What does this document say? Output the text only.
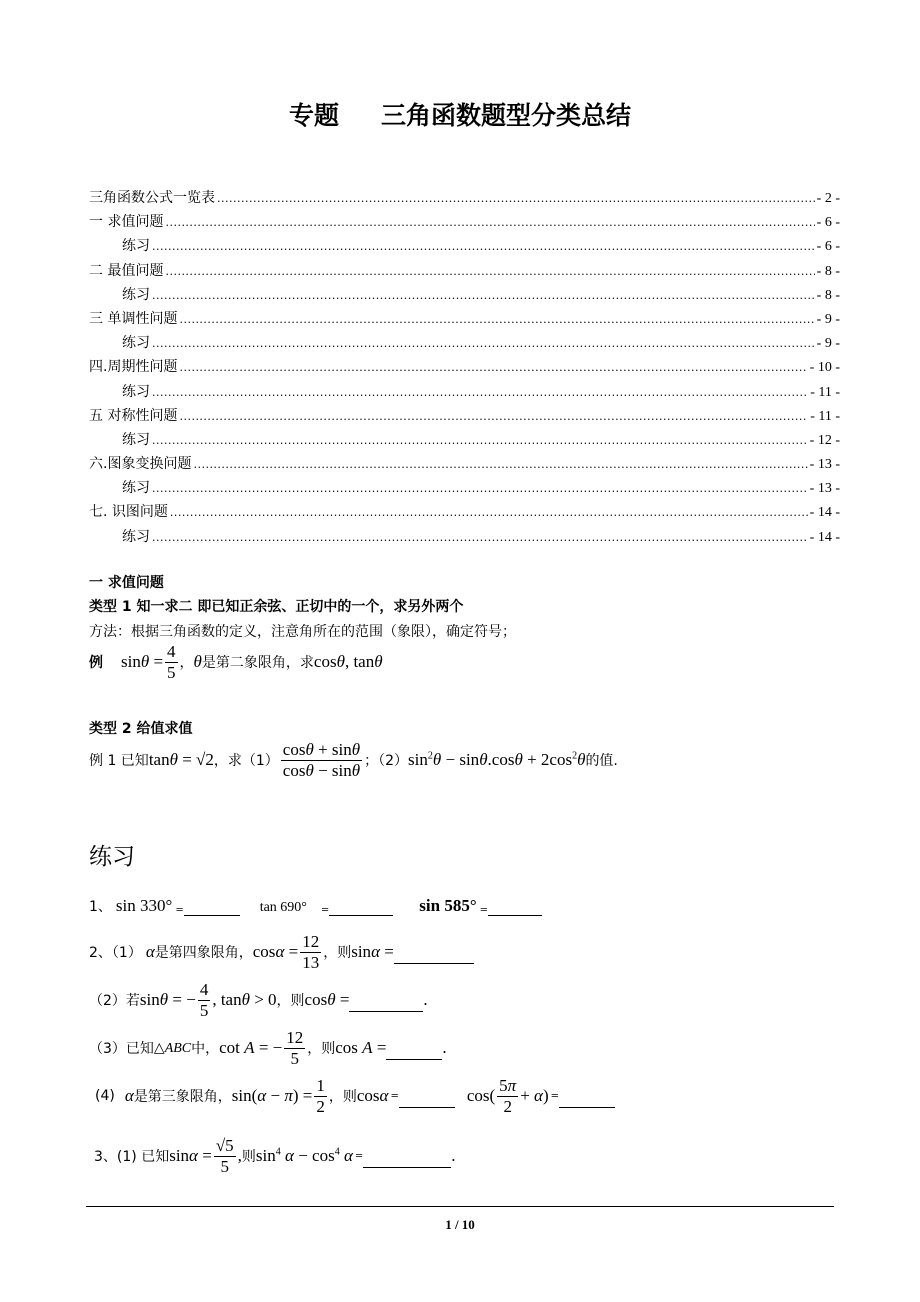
专题 三角函数题型分类总结
三角函数公式一览表 .....	- 2 -
一 求值问题 .....	- 6 -
练习 .....	- 6 -
二 最值问题 .....	- 8 -
练习 .....	- 8 -
三 单调性问题 .....	- 9 -
练习 .....	- 9 -
四.周期性问题 .....	- 10 -
练习 .....	- 11 -
五 对称性问题 .....	- 11 -
练习 .....	- 12 -
六.图象变换问题 .....	- 13 -
练习 .....	- 13 -
七. 识图问题 .....	- 14 -
练习 .....	- 14 -
一 求值问题
类型 1 知一求二 即已知正余弦、正切中的一个，求另外两个
方法：根据三角函数的定义，注意角所在的范围（象限），确定符号；
例 $\sin\theta = \frac{4}{5}$ ， θ 是第二象限角，求 cosθ, tanθ
类型 2 给值求值
例 1 已知 tanθ = √2 ，求$(1) \frac{\cos\theta + \sin\theta}{\cos\theta - \sin\theta}$ ；（2） $\sin^2\theta - \sin\theta.\cos\theta + 2\cos^2\theta$ 的值.
练习
1、 sin 330° =	tan 690° =	sin 585° =
2、（1） α 是第四象限角， $\cos\alpha = \frac{12}{13}$ ，则 sinα =
（2）若 sinθ = − $\frac{4}{5}$ , tanθ > 0 ，则 cosθ =	.
（3）已知 △ABC 中， cot A = − $\frac{12}{5}$ ，则 cos A =	.
(4) α 是第三象限角， $\sin(\alpha - \pi) = \frac{1}{2}$ ，则 cosα =	$\cos( \frac{5\pi}{2} + \alpha)$ =
3、(1) 已知 $\sin\alpha = \frac{√5}{5}$ , 则 $\sin^4 \alpha - \cos^4 \alpha$ =	.
1 / 10
